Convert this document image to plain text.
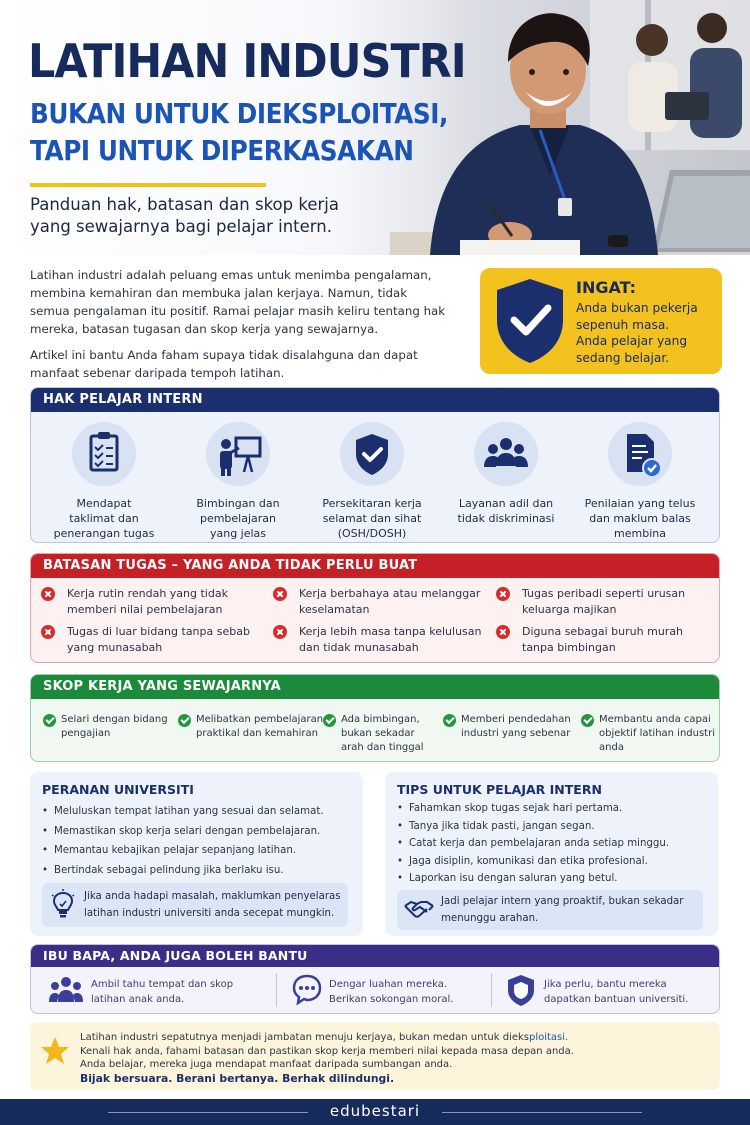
LATIHAN INDUSTRI
BUKAN UNTUK DIEKSPLOITASI,
TAPI UNTUK DIPERKASAKAN
Panduan hak, batasan dan skop kerja
yang sewajarnya bagi pelajar intern.

Latihan industri adalah peluang emas untuk menimba pengalaman, membina kemahiran dan membuka jalan kerjaya. Namun, tidak semua pengalaman itu positif. Ramai pelajar masih keliru tentang hak mereka, batasan tugasan dan skop kerja yang sewajarnya.

Artikel ini bantu Anda faham supaya tidak disalahguna dan dapat manfaat sebenar daripada tempoh latihan.

INGAT:
Anda bukan pekerja
sepenuh masa.
Anda pelajar yang
sedang belajar.
HAK PELAJAR INTERN
Mendapat
taklimat dan
penerangan tugas
Bimbingan dan
pembelajaran
yang jelas
Persekitaran kerja
selamat dan sihat
(OSH/DOSH)
Layanan adil dan
tidak diskriminasi
Penilaian yang telus
dan maklum balas
membina
BATASAN TUGAS – YANG ANDA TIDAK PERLU BUAT
Kerja rutin rendah yang tidak
memberi nilai pembelajaran
Kerja berbahaya atau melanggar
keselamatan
Tugas peribadi seperti urusan
keluarga majikan
Tugas di luar bidang tanpa sebab
yang munasabah
Kerja lebih masa tanpa kelulusan
dan tidak munasabah
Diguna sebagai buruh murah
tanpa bimbingan
SKOP KERJA YANG SEWAJARNYA
Selari dengan bidang
pengajian
Melibatkan pembelajaran
praktikal dan kemahiran
Ada bimbingan,
bukan sekadar
arah dan tinggal
Memberi pendedahan
industri yang sebenar
Membantu anda capai
objektif latihan industri
anda
PERANAN UNIVERSITI
• Meluluskan tempat latihan yang sesuai dan selamat.
• Memastikan skop kerja selari dengan pembelajaran.
• Memantau kebajikan pelajar sepanjang latihan.
• Bertindak sebagai pelindung jika berlaku isu.
Jika anda hadapi masalah, maklumkan penyelaras
latihan industri universiti anda secepat mungkin.
TIPS UNTUK PELAJAR INTERN
• Fahamkan skop tugas sejak hari pertama.
• Tanya jika tidak pasti, jangan segan.
• Catat kerja dan pembelajaran anda setiap minggu.
• Jaga disiplin, komunikasi dan etika profesional.
• Laporkan isu dengan saluran yang betul.
Jadi pelajar intern yang proaktif, bukan sekadar
menunggu arahan.
IBU BAPA, ANDA JUGA BOLEH BANTU
Ambil tahu tempat dan skop
latihan anak anda.
Dengar luahan mereka.
Berikan sokongan moral.
Jika perlu, bantu mereka
dapatkan bantuan universiti.
Latihan industri sepatutnya menjadi jambatan menuju kerjaya, bukan medan untuk dieksploitasi.
Kenali hak anda, fahami batasan dan pastikan skop kerja memberi nilai kepada masa depan anda.
Anda belajar, mereka juga mendapat manfaat daripada sumbangan anda.
Bijak bersuara. Berani bertanya. Berhak dilindungi.
edubestari
